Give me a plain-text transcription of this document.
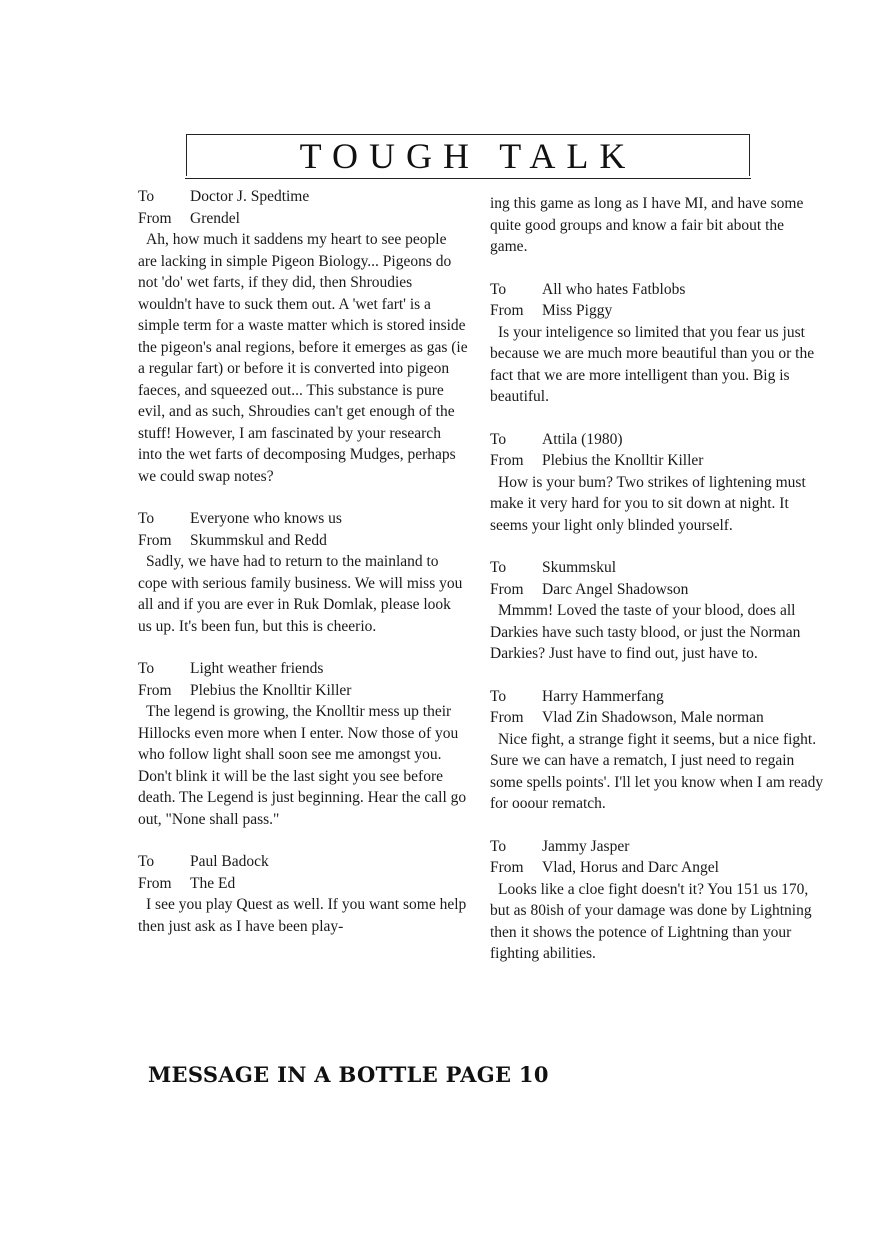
TOUGH TALK
To	Doctor J. Spedtime
From	Grendel
Ah, how much it saddens my heart to see people are lacking in simple Pigeon Biology... Pigeons do not 'do' wet farts, if they did, then Shroudies wouldn't have to suck them out. A 'wet fart' is a simple term for a waste matter which is stored inside the pigeon's anal regions, before it emerges as gas (ie a regular fart) or before it is converted into pigeon faeces, and squeezed out... This substance is pure evil, and as such, Shroudies can't get enough of the stuff! However, I am fascinated by your research into the wet farts of decomposing Mudges, perhaps we could swap notes?
To	Everyone who knows us
From	Skummskul and Redd
Sadly, we have had to return to the mainland to cope with serious family business. We will miss you all and if you are ever in Ruk Domlak, please look us up. It's been fun, but this is cheerio.
To	Light weather friends
From	Plebius the Knolltir Killer
The legend is growing, the Knolltir mess up their Hillocks even more when I enter. Now those of you who follow light shall soon see me amongst you. Don't blink it will be the last sight you see before death. The Legend is just beginning. Hear the call go out, "None shall pass."
To	Paul Badock
From	The Ed
I see you play Quest as well. If you want some help then just ask as I have been play-
ing this game as long as I have MI, and have some quite good groups and know a fair bit about the game.
To	All who hates Fatblobs
From	Miss Piggy
Is your inteligence so limited that you fear us just because we are much more beautiful than you or the fact that we are more intelligent than you. Big is beautiful.
To	Attila (1980)
From	Plebius the Knolltir Killer
How is your bum? Two strikes of lightening must make it very hard for you to sit down at night. It seems your light only blinded yourself.
To	Skummskul
From	Darc Angel Shadowson
Mmmm! Loved the taste of your blood, does all Darkies have such tasty blood, or just the Norman Darkies? Just have to find out, just have to.
To	Harry Hammerfang
From	Vlad Zin Shadowson, Male norman
Nice fight, a strange fight it seems, but a nice fight. Sure we can have a rematch, I just need to regain some spells points'. I'll let you know when I am ready for ooour rematch.
To	Jammy Jasper
From	Vlad, Horus and Darc Angel
Looks like a cloe fight doesn't it? You 151 us 170, but as 80ish of your damage was done by Lightning then it shows the potence of Lightning than your fighting abilities.
MESSAGE IN A BOTTLE PAGE 10
